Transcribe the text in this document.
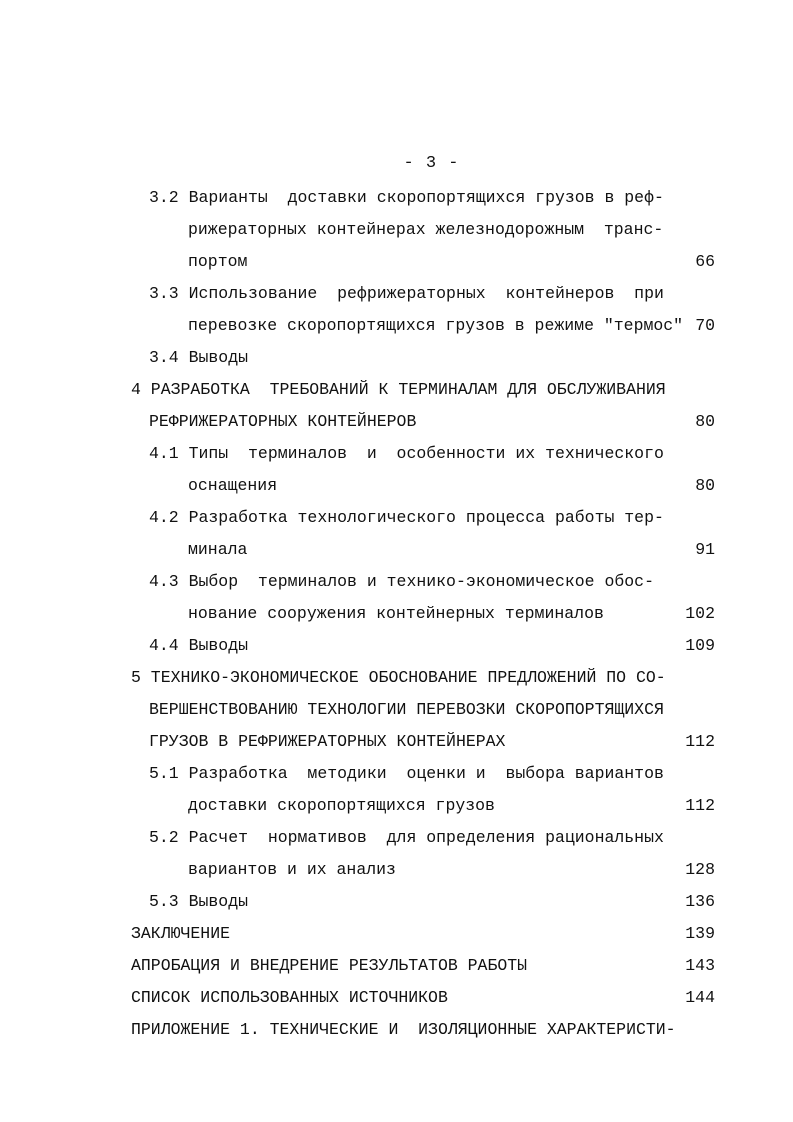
- 3 -
3.2 Варианты  доставки скоропортящихся грузов в реф-
рижераторных контейнерах железнодорожным  транс-
портом	66
3.3 Использование  рефрижераторных  контейнеров  при
перевозке скоропортящихся грузов в режиме "термос" 70
3.4 Выводы
4 РАЗРАБОТКА  ТРЕБОВАНИЙ К ТЕРМИНАЛАМ ДЛЯ ОБСЛУЖИВАНИЯ
РЕФРИЖЕРАТОРНЫХ КОНТЕЙНЕРОВ	80
4.1 Типы  терминалов  и  особенности их технического
оснащения	80
4.2 Разработка технологического процесса работы тер-
минала	91
4.3 Выбор  терминалов и технико-экономическое обос-
нование сооружения контейнерных терминалов	102
4.4 Выводы	109
5 ТЕХНИКО-ЭКОНОМИЧЕСКОЕ ОБОСНОВАНИЕ ПРЕДЛОЖЕНИЙ ПО СО-
ВЕРШЕНСТВОВАНИЮ ТЕХНОЛОГИИ ПЕРЕВОЗКИ СКОРОПОРТЯЩИХСЯ
ГРУЗОВ В РЕФРИЖЕРАТОРНЫХ КОНТЕЙНЕРАХ	112
5.1 Разработка  методики  оценки и  выбора вариантов
доставки скоропортящихся грузов	112
5.2 Расчет  нормативов  для определения рациональных
вариантов и их анализ	128
5.3 Выводы	136
ЗАКЛЮЧЕНИЕ	139
АПРОБАЦИЯ И ВНЕДРЕНИЕ РЕЗУЛЬТАТОВ РАБОТЫ	143
СПИСОК ИСПОЛЬЗОВАННЫХ ИСТОЧНИКОВ	144
ПРИЛОЖЕНИЕ 1. ТЕХНИЧЕСКИЕ И  ИЗОЛЯЦИОННЫЕ ХАРАКТЕРИСТИ-
